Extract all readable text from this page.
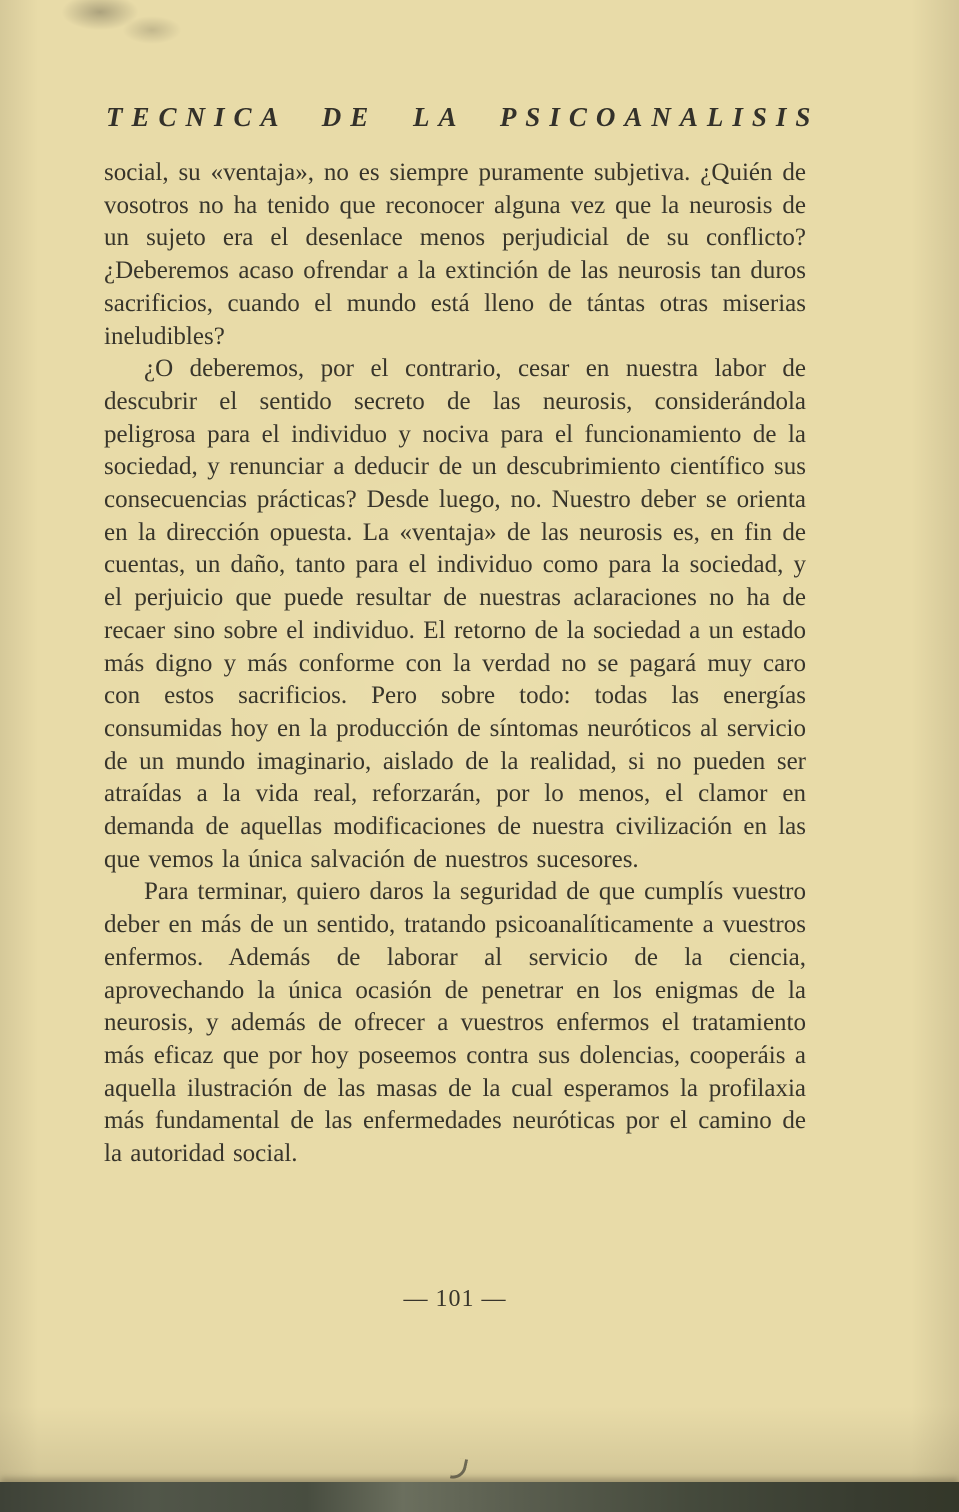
TECNICA DE LA PSICOANALISIS

social, su «ventaja», no es siempre puramente subjetiva. ¿Quién de vosotros no ha tenido que reconocer alguna vez que la neurosis de un sujeto era el desenlace menos perjudicial de su conflicto? ¿Deberemos acaso ofrendar a la extinción de las neurosis tan duros sacrificios, cuando el mundo está lleno de tántas otras miserias ineludibles?

¿O deberemos, por el contrario, cesar en nuestra labor de descubrir el sentido secreto de las neurosis, considerándola peligrosa para el individuo y nociva para el funcionamiento de la sociedad, y renunciar a deducir de un descubrimiento científico sus consecuencias prácticas? Desde luego, no. Nuestro deber se orienta en la dirección opuesta. La «ventaja» de las neurosis es, en fin de cuentas, un daño, tanto para el individuo como para la sociedad, y el perjuicio que puede resultar de nuestras aclaraciones no ha de recaer sino sobre el individuo. El retorno de la sociedad a un estado más digno y más conforme con la verdad no se pagará muy caro con estos sacrificios. Pero sobre todo: todas las energías consumidas hoy en la producción de síntomas neuróticos al servicio de un mundo imaginario, aislado de la realidad, si no pueden ser atraídas a la vida real, reforzarán, por lo menos, el clamor en demanda de aquellas modificaciones de nuestra civilización en las que vemos la única salvación de nuestros sucesores.

Para terminar, quiero daros la seguridad de que cumplís vuestro deber en más de un sentido, tratando psicoanalíticamente a vuestros enfermos. Además de laborar al servicio de la ciencia, aprovechando la única ocasión de penetrar en los enigmas de la neurosis, y además de ofrecer a vuestros enfermos el tratamiento más eficaz que por hoy poseemos contra sus dolencias, cooperáis a aquella ilustración de las masas de la cual esperamos la profilaxia más fundamental de las enfermedades neuróticas por el camino de la autoridad social.

— 101 —
